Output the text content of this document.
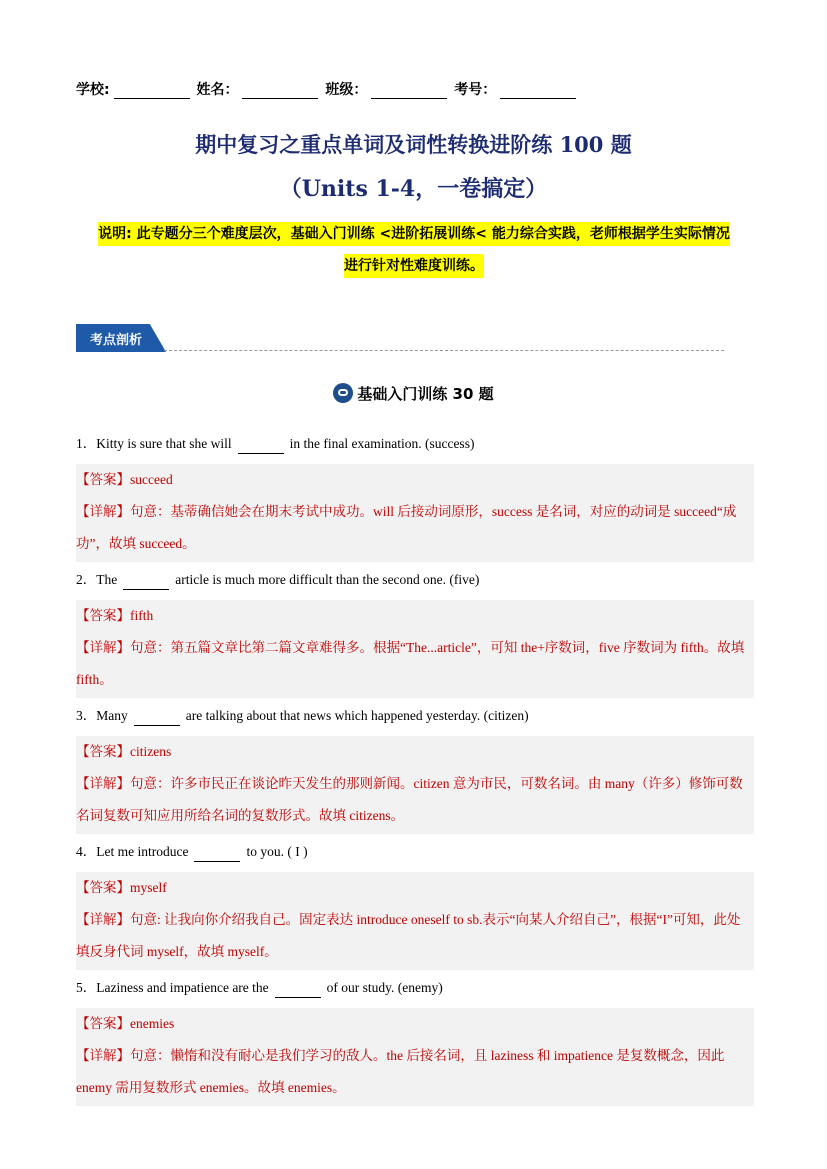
学校:	姓名：	班级：	考号：
期中复习之重点单词及词性转换进阶练 100 题
（Units 1-4，一卷搞定）
说明: 此专题分三个难度层次，基础入门训练 <进阶拓展训练< 能力综合实践，老师根据学生实际情况
进行针对性难度训练。
考点剖析
基础入门训练 30 题
1．Kitty is sure that she will	in the final examination. (success)
【答案】succeed
【详解】句意：基蒂确信她会在期末考试中成功。will 后接动词原形，success 是名词，对应的动词是 succeed“成功”，故填 succeed。
2．The	article is much more difficult than the second one. (five)
【答案】fifth
【详解】句意：第五篇文章比第二篇文章难得多。根据“The...article”，可知 the+序数词，five 序数词为 fifth。故填 fifth。
3．Many	are talking about that news which happened yesterday. (citizen)
【答案】citizens
【详解】句意：许多市民正在谈论昨天发生的那则新闻。citizen 意为市民，可数名词。由 many（许多）修饰可数名词复数可知应用所给名词的复数形式。故填 citizens。
4．Let me introduce	to you. ( I )
【答案】myself
【详解】句意: 让我向你介绍我自己。固定表达 introduce oneself to sb.表示“向某人介绍自己”，根据“I”可知，此处填反身代词 myself，故填 myself。
5．Laziness and impatience are the	of our study. (enemy)
【答案】enemies
【详解】句意：懒惰和没有耐心是我们学习的敌人。the 后接名词，且 laziness 和 impatience 是复数概念，因此 enemy 需用复数形式 enemies。故填 enemies。
